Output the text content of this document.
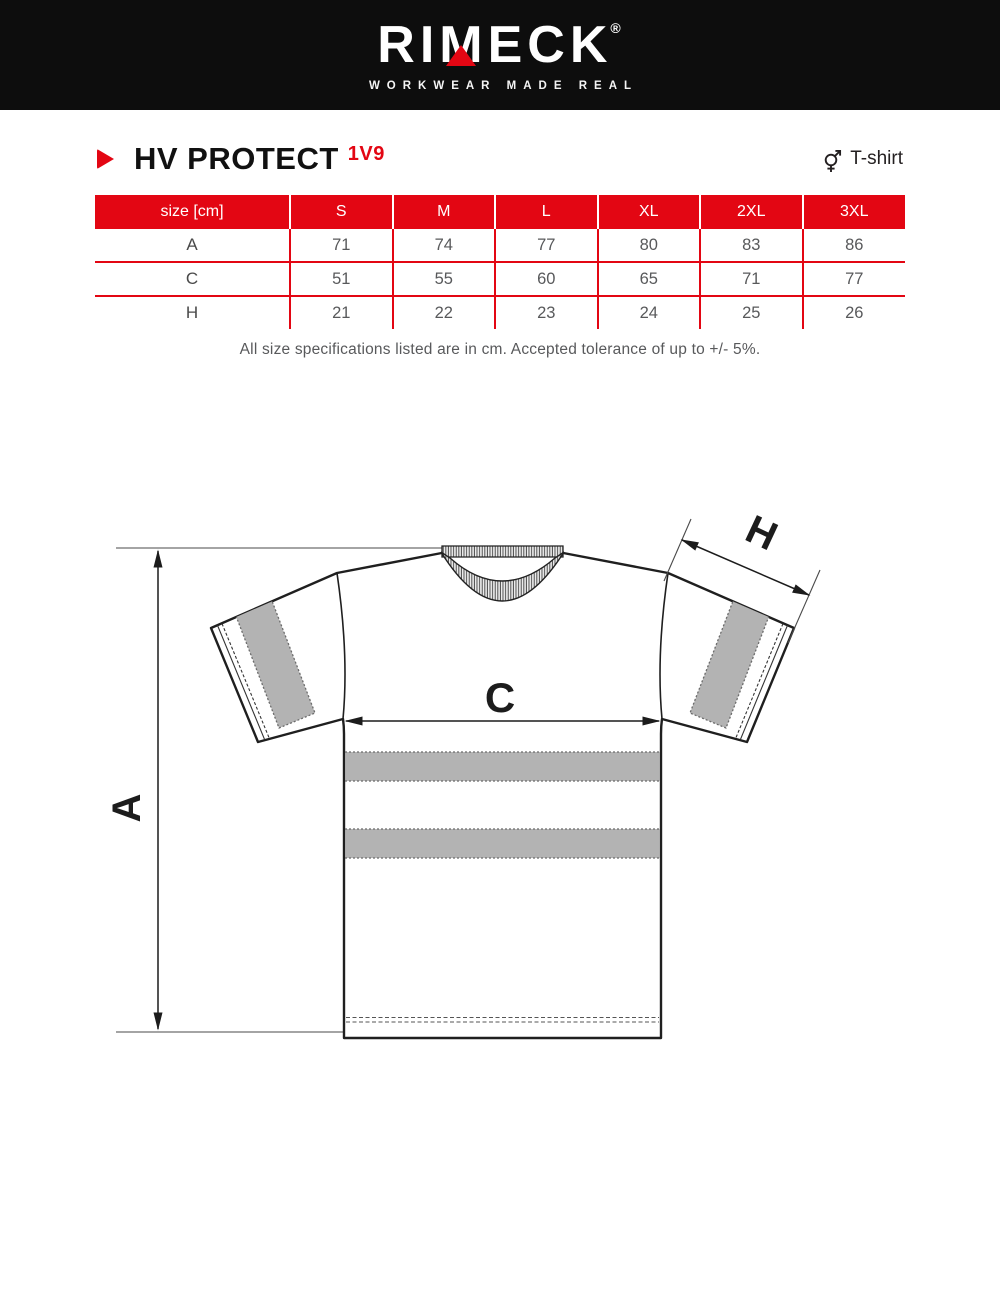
RI M ECK
®
WORKWEAR MADE REAL
HV PROTECT 1V9	T-shirt
size [cm]	S	M	L	XL	2XL	3XL
A	71	74	77	80	83	86
C	51	55	60	65	71	77
H	21	22	23	24	25	26
All size specifications listed are in cm. Accepted tolerance of up to +/- 5%.
A
C
H
